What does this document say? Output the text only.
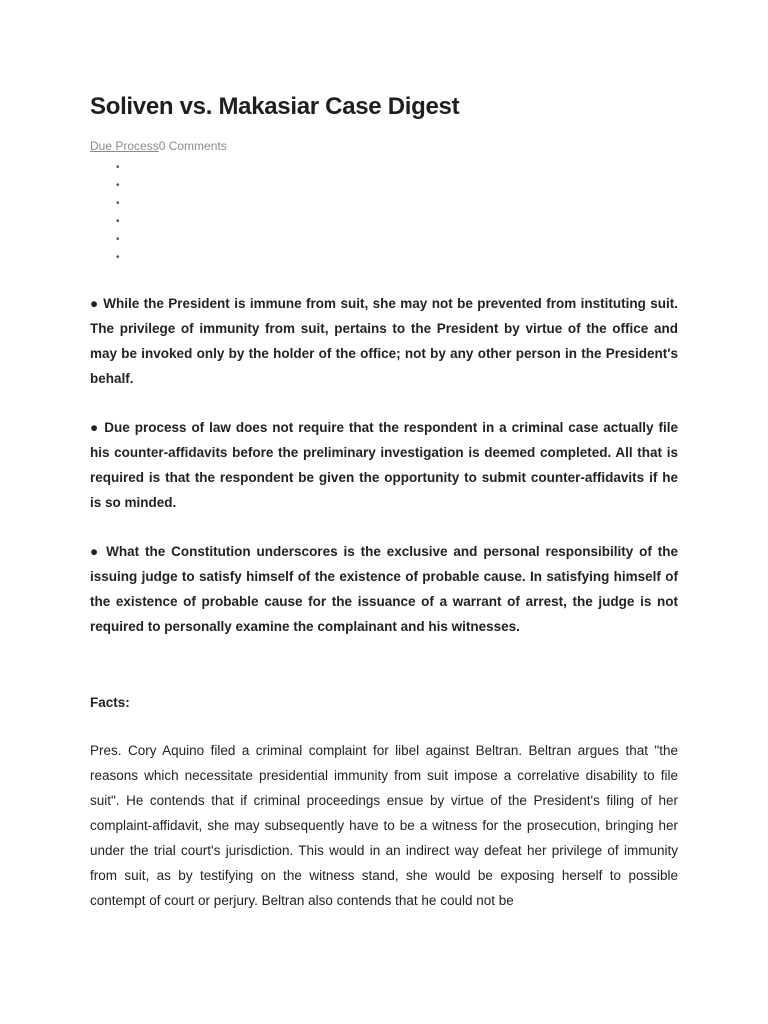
Soliven vs. Makasiar Case Digest
Due Process0 Comments
•
•
•
•
•
•

● While the President is immune from suit, she may not be prevented from instituting suit. The privilege of immunity from suit, pertains to the President by virtue of the office and may be invoked only by the holder of the office; not by any other person in the President's behalf.

● Due process of law does not require that the respondent in a criminal case actually file his counter-affidavits before the preliminary investigation is deemed completed. All that is required is that the respondent be given the opportunity to submit counter-affidavits if he is so minded.

● What the Constitution underscores is the exclusive and personal responsibility of the issuing judge to satisfy himself of the existence of probable cause. In satisfying himself of the existence of probable cause for the issuance of a warrant of arrest, the judge is not required to personally examine the complainant and his witnesses.

Facts:

Pres. Cory Aquino filed a criminal complaint for libel against Beltran. Beltran argues that "the reasons which necessitate presidential immunity from suit impose a correlative disability to file suit". He contends that if criminal proceedings ensue by virtue of the President's filing of her complaint-affidavit, she may subsequently have to be a witness for the prosecution, bringing her under the trial court's jurisdiction. This would in an indirect way defeat her privilege of immunity from suit, as by testifying on the witness stand, she would be exposing herself to possible contempt of court or perjury. Beltran also contends that he could not be
